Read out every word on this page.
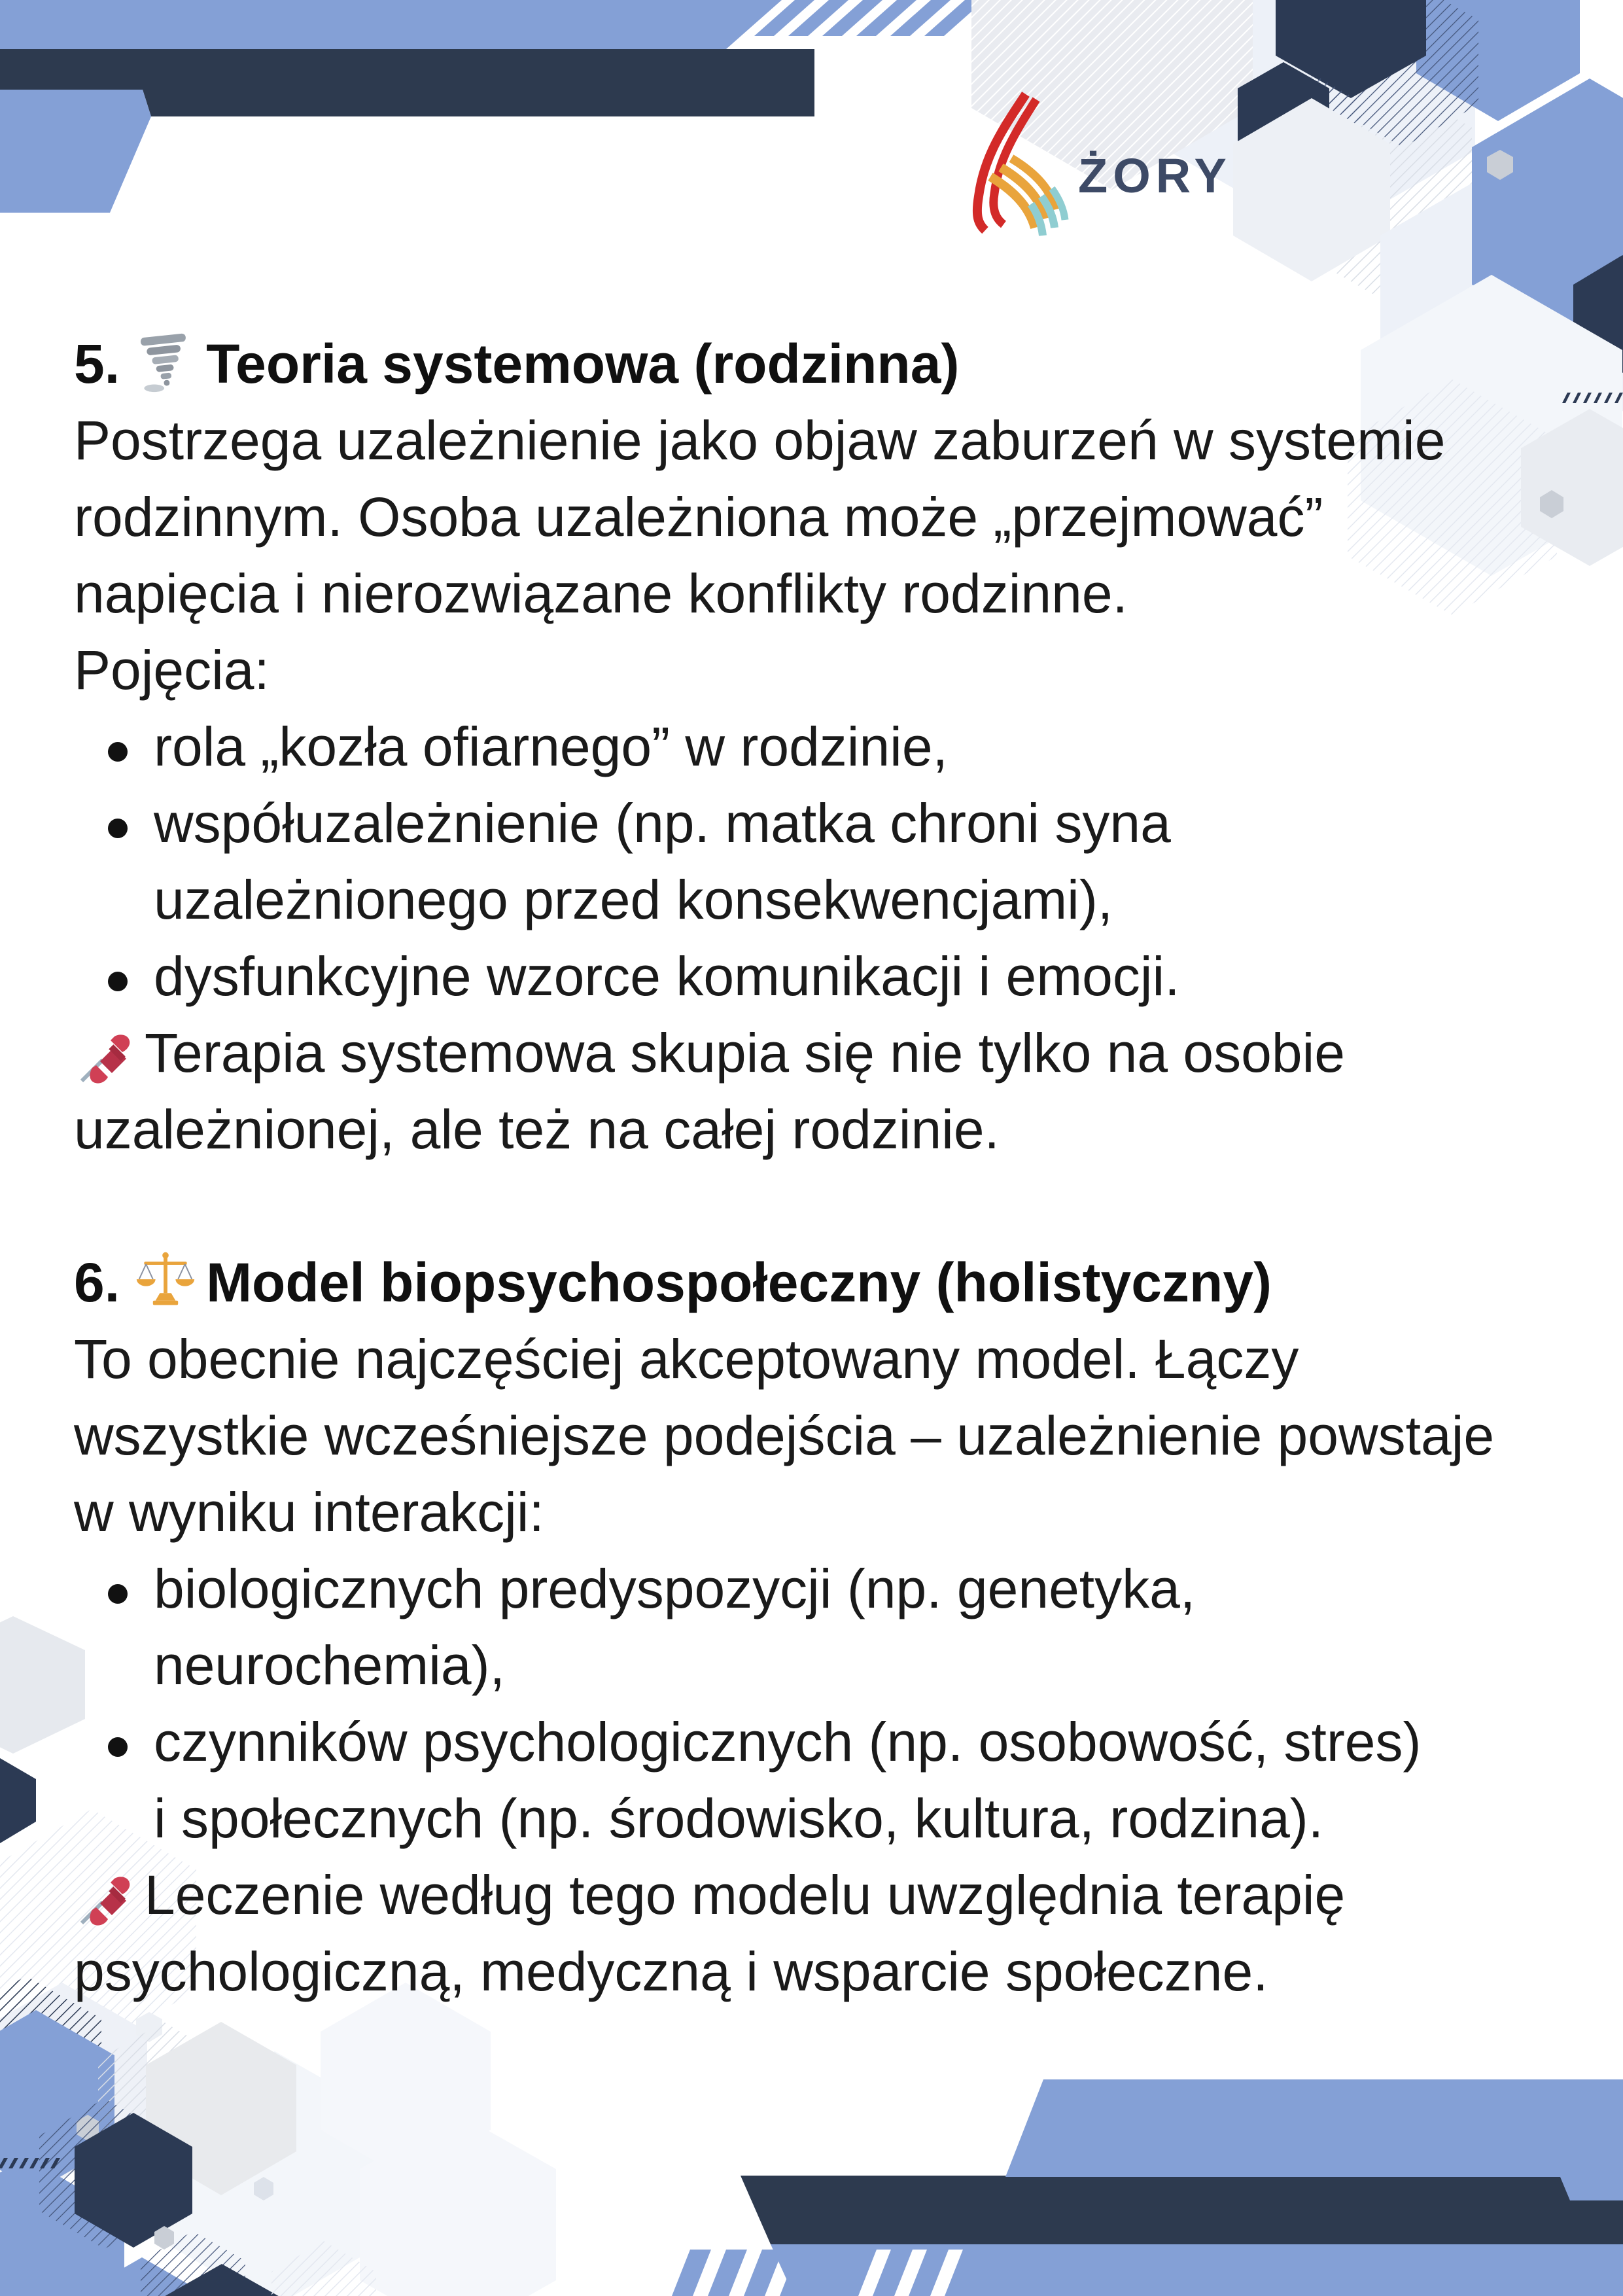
ŻORY
5. Teoria systemowa (rodzinna)
Postrzega uzależnienie jako objaw zaburzeń w systemie
rodzinnym. Osoba uzależniona może „przejmować”
napięcia i nierozwiązane konflikty rodzinne.
Pojęcia:
rola „kozła ofiarnego” w rodzinie,
współuzależnienie (np. matka chroni syna
uzależnionego przed konsekwencjami),
dysfunkcyjne wzorce komunikacji i emocji.
Terapia systemowa skupia się nie tylko na osobie
uzależnionej, ale też na całej rodzinie.
6. Model biopsychospołeczny (holistyczny)
To obecnie najczęściej akceptowany model. Łączy
wszystkie wcześniejsze podejścia – uzależnienie powstaje
w wyniku interakcji:
biologicznych predyspozycji (np. genetyka,
neurochemia),
czynników psychologicznych (np. osobowość, stres)
i społecznych (np. środowisko, kultura, rodzina).
Leczenie według tego modelu uwzględnia terapię
psychologiczną, medyczną i wsparcie społeczne.
